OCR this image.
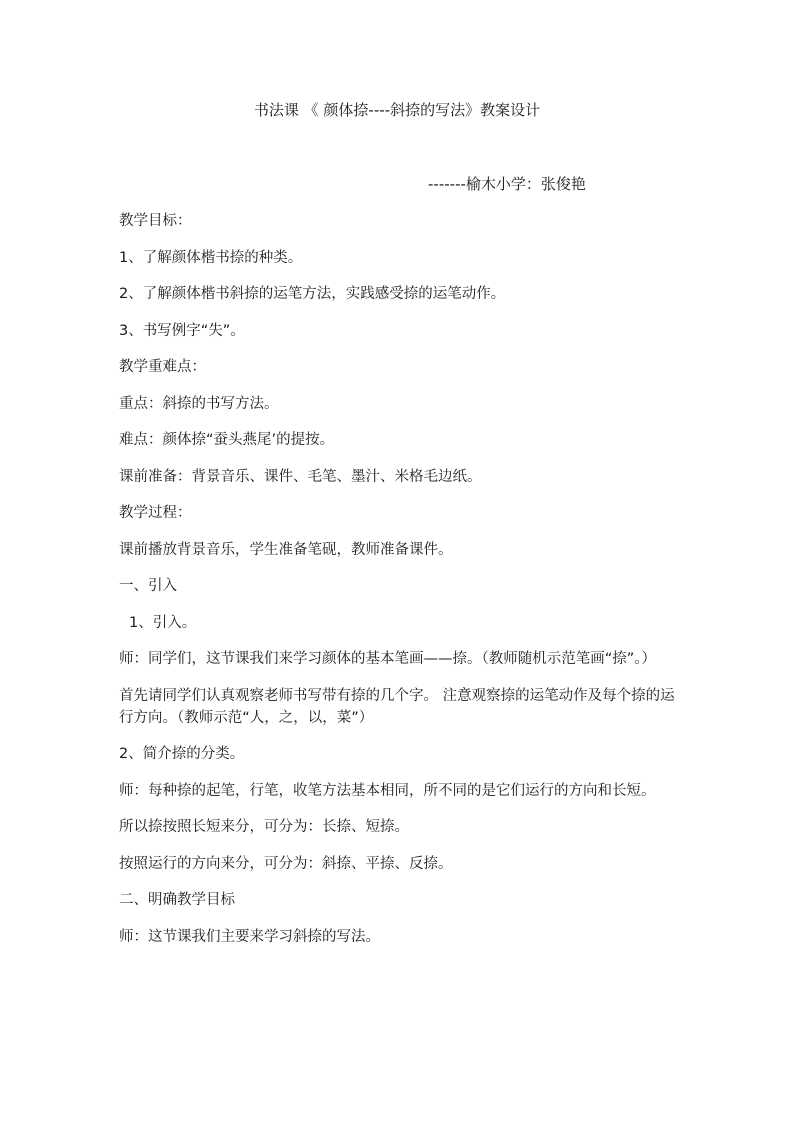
书法课 《 颜体捺----斜捺的写法》教案设计
-------榆木小学：张俊艳

教学目标：

1、了解颜体楷书捺的种类。

2、了解颜体楷书斜捺的运笔方法，实践感受捺的运笔动作。

3、书写例字“失”。

教学重难点：

重点：斜捺的书写方法。

难点：颜体捺“蚕头燕尾’的提按。

课前准备：背景音乐、课件、毛笔、墨汁、米格毛边纸。

教学过程：

课前播放背景音乐，学生准备笔砚，教师准备课件。

一、引入

1、引入。

师：同学们，这节课我们来学习颜体的基本笔画——捺。（教师随机示范笔画“捺”。）

首先请同学们认真观察老师书写带有捺的几个字。 注意观察捺的运笔动作及每个捺的运行方向。（教师示范“人，之，以，菜”）

2、简介捺的分类。

师：每种捺的起笔，行笔，收笔方法基本相同，所不同的是它们运行的方向和长短。

所以捺按照长短来分，可分为：长捺、短捺。

按照运行的方向来分，可分为：斜捺、平捺、反捺。

二、明确教学目标

师：这节课我们主要来学习斜捺的写法。
